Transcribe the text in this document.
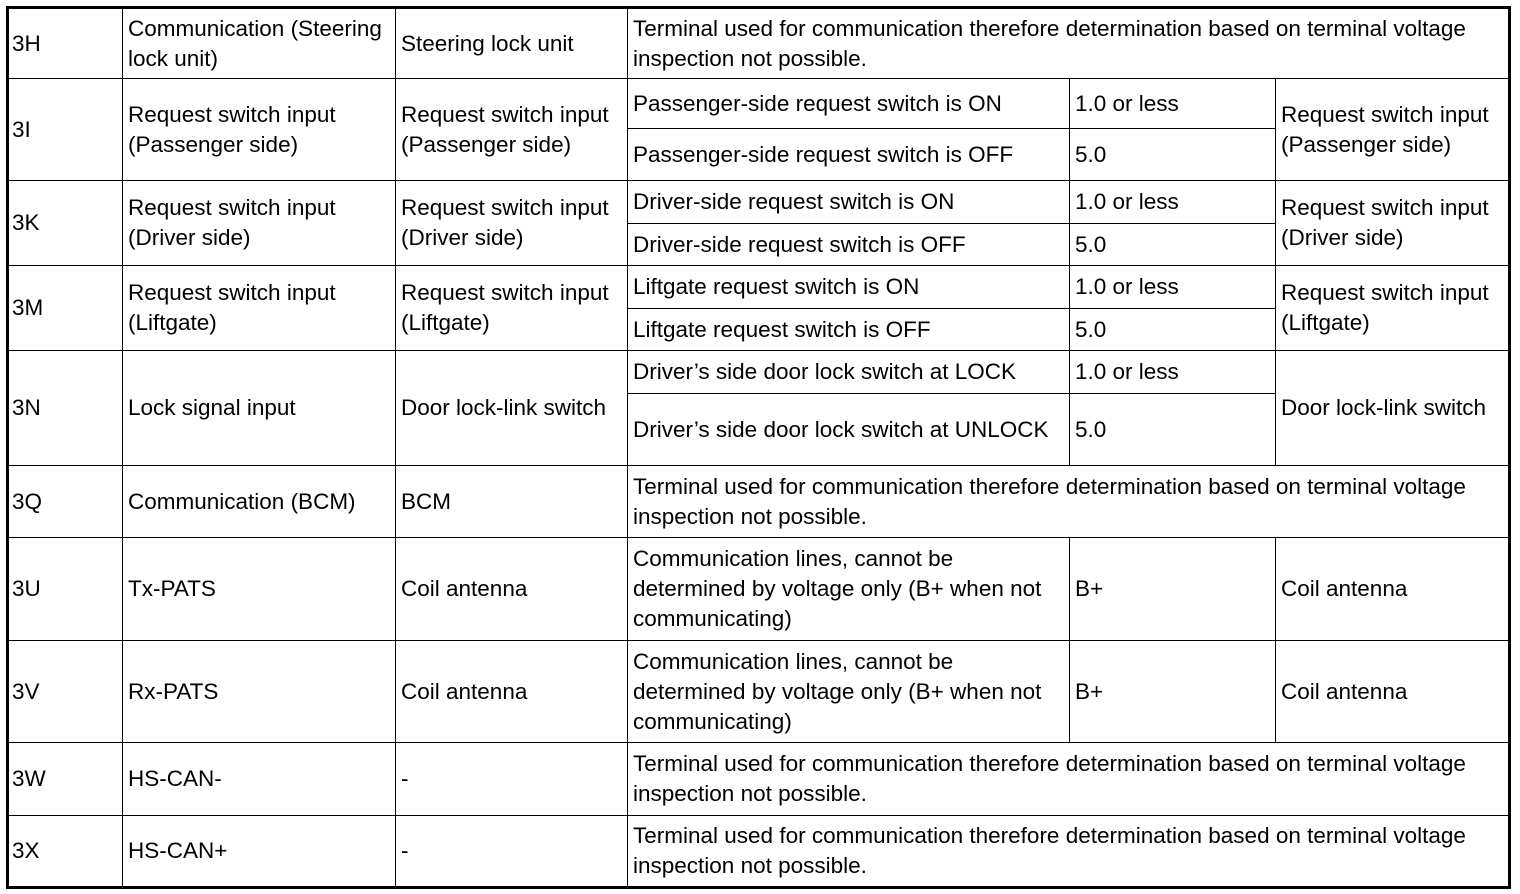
3H	Communication (Steering lock unit)	Steering lock unit	Terminal used for communication therefore determination based on terminal voltage inspection not possible.		
3I	Request switch input (Passenger side)	Request switch input (Passenger side)	Passenger-side request switch is ON	1.0 or less	Request switch input (Passenger side)
			Passenger-side request switch is OFF	5.0	
3K	Request switch input (Driver side)	Request switch input (Driver side)	Driver-side request switch is ON	1.0 or less	Request switch input (Driver side)
			Driver-side request switch is OFF	5.0	
3M	Request switch input (Liftgate)	Request switch input (Liftgate)	Liftgate request switch is ON	1.0 or less	Request switch input (Liftgate)
			Liftgate request switch is OFF	5.0	
3N	Lock signal input	Door lock-link switch	Driver’s side door lock switch at LOCK	1.0 or less	Door lock-link switch
			Driver’s side door lock switch at UNLOCK	5.0	
3Q	Communication (BCM)	BCM	Terminal used for communication therefore determination based on terminal voltage inspection not possible.		
3U	Tx-PATS	Coil antenna	Communication lines, cannot be determined by voltage only (B+ when not communicating)	B+	Coil antenna
3V	Rx-PATS	Coil antenna	Communication lines, cannot be determined by voltage only (B+ when not communicating)	B+	Coil antenna
3W	HS-CAN-	-	Terminal used for communication therefore determination based on terminal voltage inspection not possible.		
3X	HS-CAN+	-	Terminal used for communication therefore determination based on terminal voltage inspection not possible.		
